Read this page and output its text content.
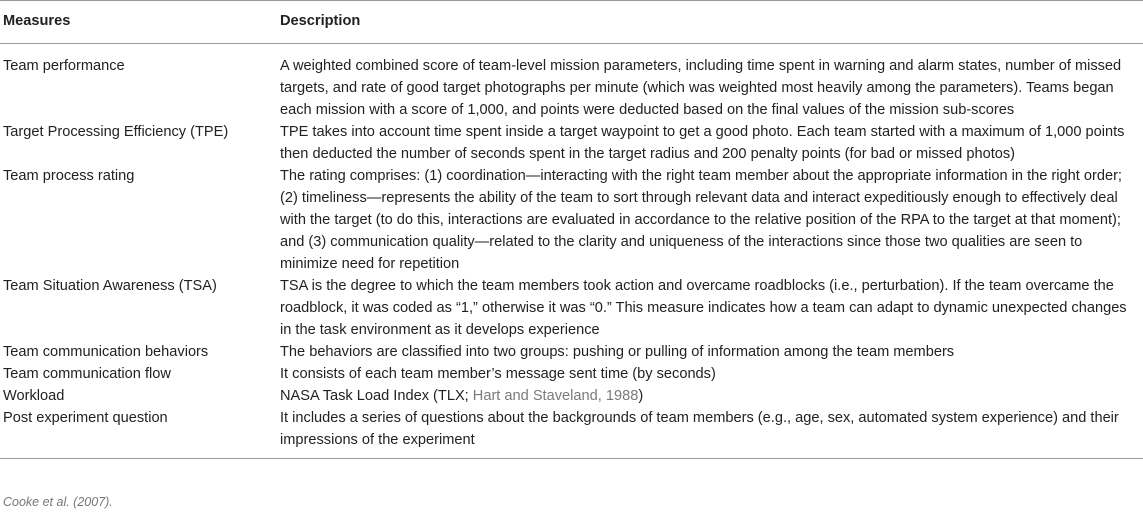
Measures	Description
Team performance	A weighted combined score of team-level mission parameters, including time spent in warning and alarm states, number of missed targets, and rate of good target photographs per minute (which was weighted most heavily among the parameters). Teams began each mission with a score of 1,000, and points were deducted based on the final values of the mission sub-scores
Target Processing Efficiency (TPE)	TPE takes into account time spent inside a target waypoint to get a good photo. Each team started with a maximum of 1,000 points then deducted the number of seconds spent in the target radius and 200 penalty points (for bad or missed photos)
Team process rating	The rating comprises: (1) coordination—interacting with the right team member about the appropriate information in the right order; (2) timeliness—represents the ability of the team to sort through relevant data and interact expeditiously enough to effectively deal with the target (to do this, interactions are evaluated in accordance to the relative position of the RPA to the target at that moment); and (3) communication quality—related to the clarity and uniqueness of the interactions since those two qualities are seen to minimize need for repetition
Team Situation Awareness (TSA)	TSA is the degree to which the team members took action and overcame roadblocks (i.e., perturbation). If the team overcame the roadblock, it was coded as “1,” otherwise it was “0.” This measure indicates how a team can adapt to dynamic unexpected changes in the task environment as it develops experience
Team communication behaviors	The behaviors are classified into two groups: pushing or pulling of information among the team members
Team communication flow	It consists of each team member’s message sent time (by seconds)
Workload	NASA Task Load Index (TLX; Hart and Staveland, 1988)
Post experiment question	It includes a series of questions about the backgrounds of team members (e.g., age, sex, automated system experience) and their impressions of the experiment
Cooke et al. (2007).
